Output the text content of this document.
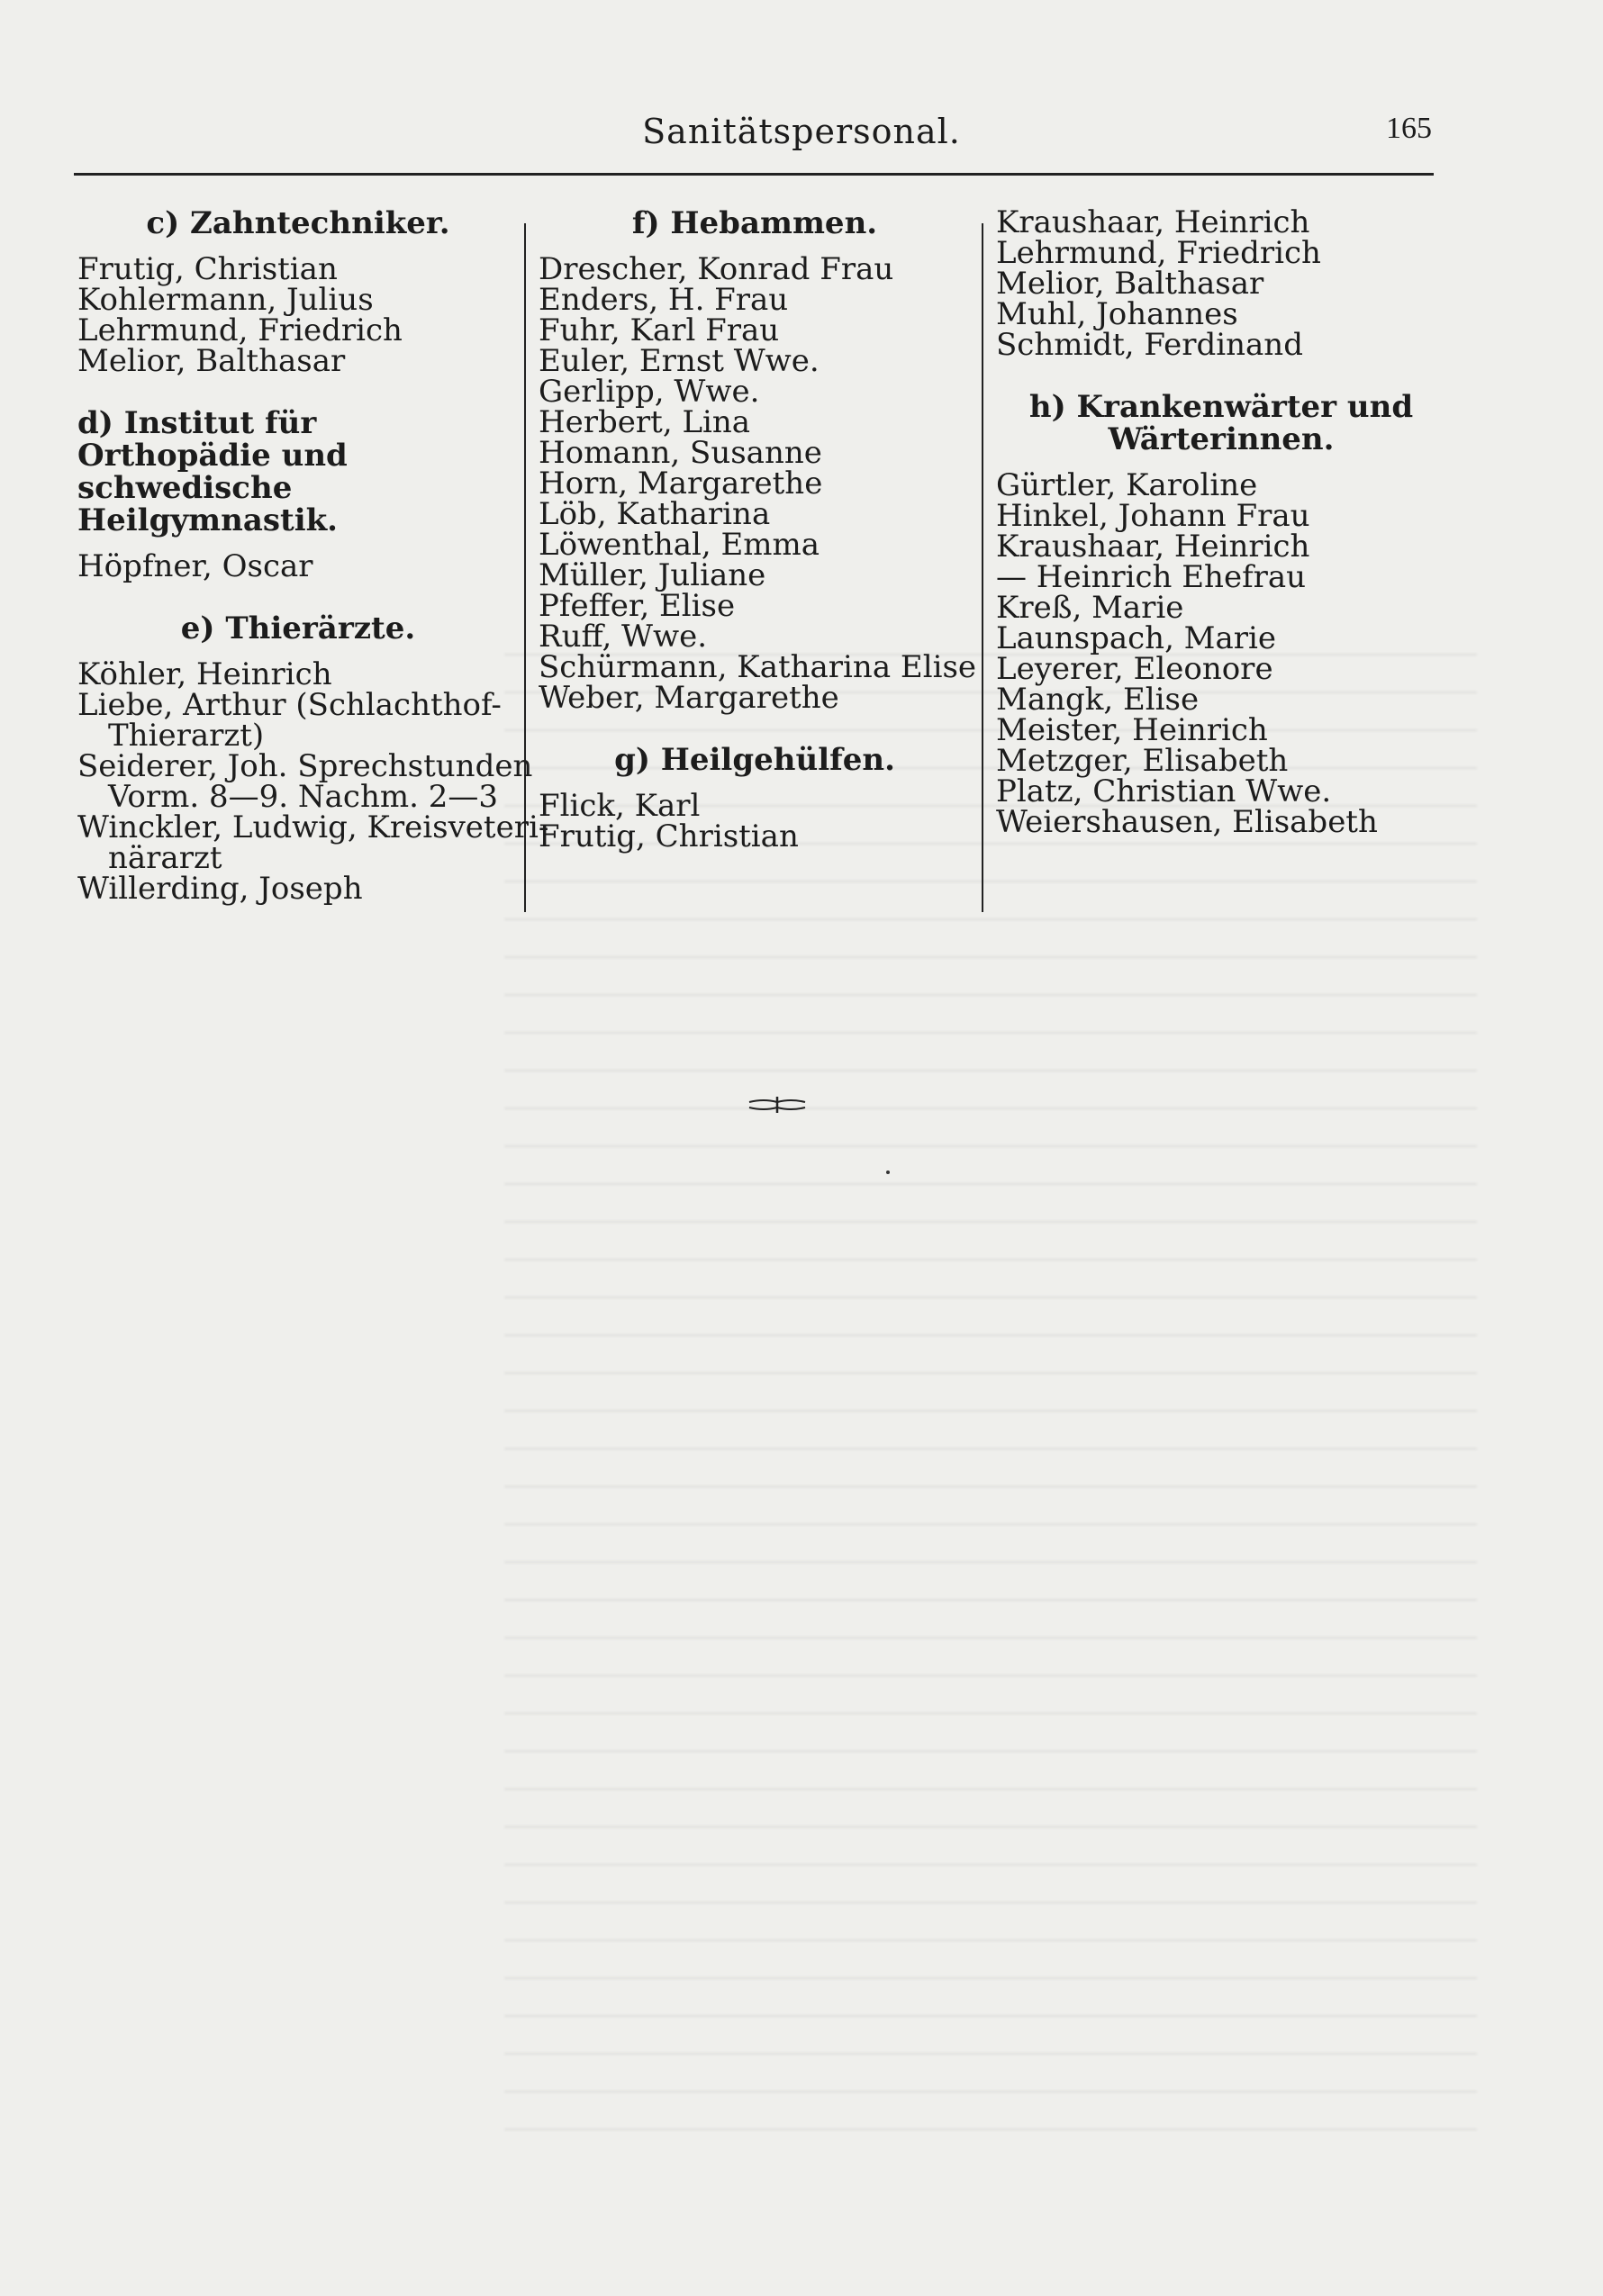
Sanitätspersonal.	165
c) Zahntechniker.
Frutig, Christian
Kohlermann, Julius
Lehrmund, Friedrich
Melior, Balthasar
d) Institut für Orthopädie und
schwedische Heilgymnastik.
Höpfner, Oscar
e) Thierärzte.
Köhler, Heinrich
Liebe, Arthur (Schlachthof-
Thierarzt)
Seiderer, Joh. Sprechstunden
Vorm. 8—9. Nachm. 2—3
Winckler, Ludwig, Kreisveteri-
närarzt
Willerding, Joseph
f) Hebammen.
Drescher, Konrad Frau
Enders, H. Frau
Fuhr, Karl Frau
Euler, Ernst Wwe.
Gerlipp, Wwe.
Herbert, Lina
Homann, Susanne
Horn, Margarethe
Löb, Katharina
Löwenthal, Emma
Müller, Juliane
Pfeffer, Elise
Ruff, Wwe.
Schürmann, Katharina Elise
Weber, Margarethe
g) Heilgehülfen.
Flick, Karl
Frutig, Christian
Kraushaar, Heinrich
Lehrmund, Friedrich
Melior, Balthasar
Muhl, Johannes
Schmidt, Ferdinand
h) Krankenwärter und
Wärterinnen.
Gürtler, Karoline
Hinkel, Johann Frau
Kraushaar, Heinrich
— Heinrich Ehefrau
Kreß, Marie
Launspach, Marie
Leyerer, Eleonore
Mangk, Elise
Meister, Heinrich
Metzger, Elisabeth
Platz, Christian Wwe.
Weiershausen, Elisabeth
